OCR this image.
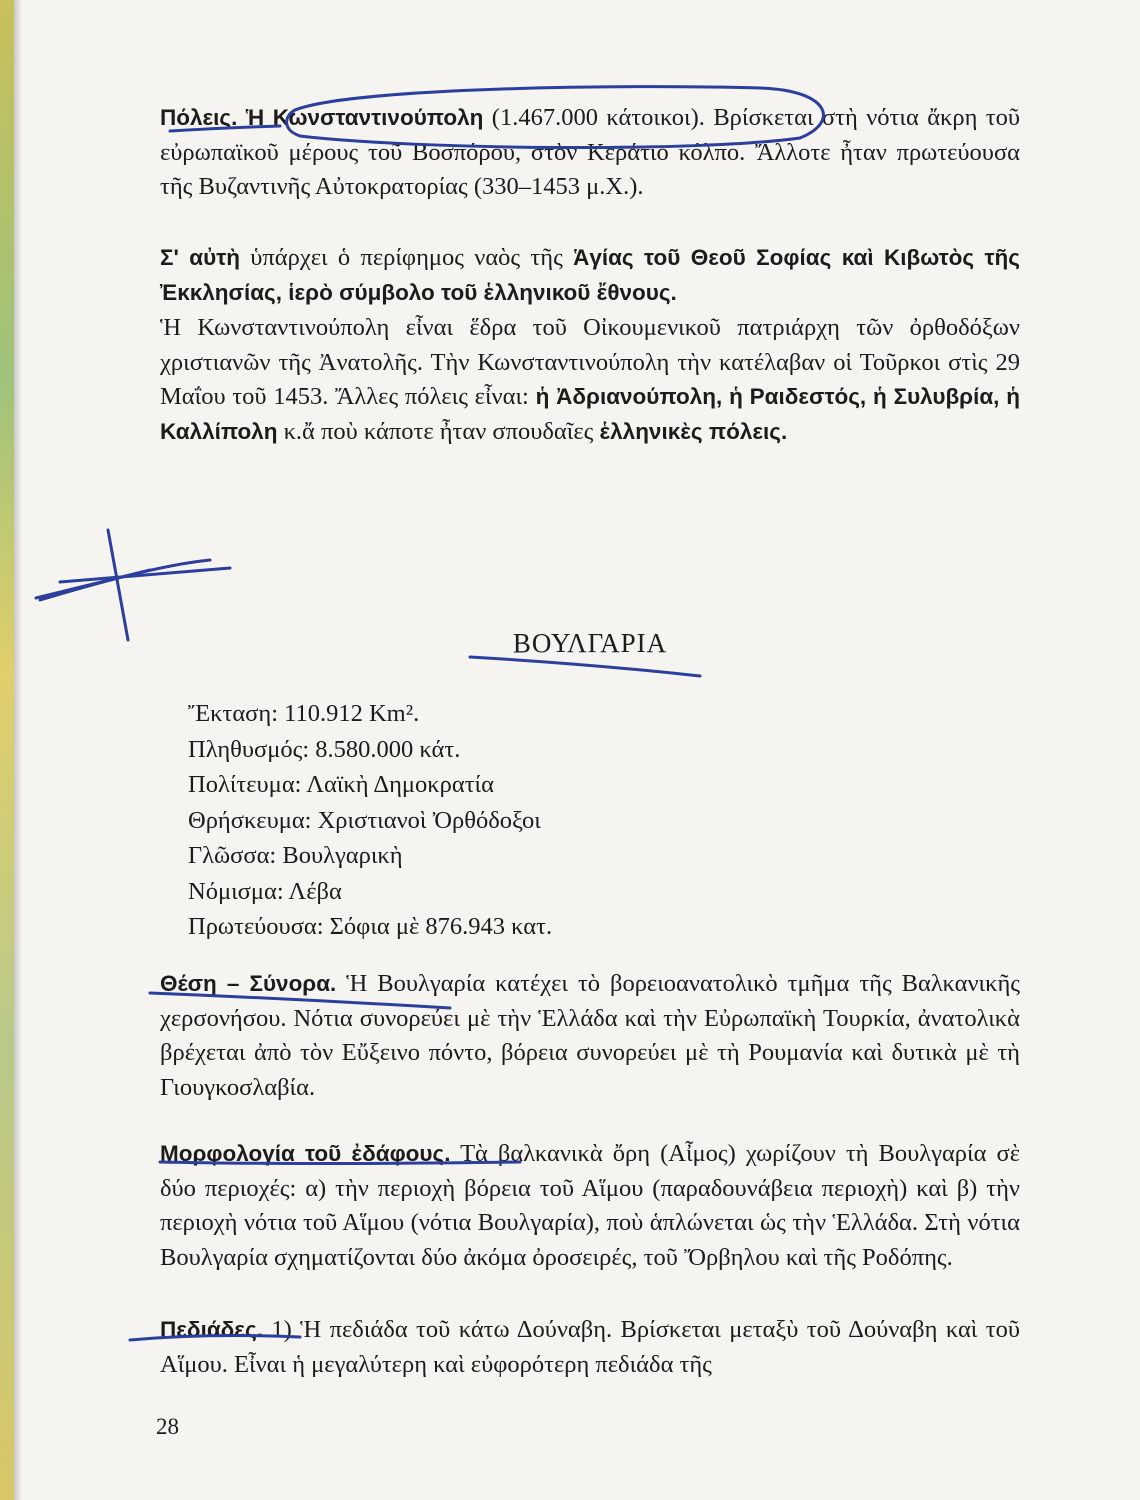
Πόλεις. Ἡ Κωνσταντινούπολη (1.467.000 κάτοικοι). Βρίσκεται στὴ νότια ἄκρη τοῦ εὐρωπαϊκοῦ μέρους τοῦ Βοσπόρου, στὸν Κεράτιο κόλπο. Ἄλλοτε ἦταν πρωτεύουσα τῆς Βυζαντινῆς Αὐτοκρατορίας (330–1453 μ.Χ.).

Σ' αὐτὴ ὑπάρχει ὁ περίφημος ναὸς τῆς Ἁγίας τοῦ Θεοῦ Σοφίας καὶ Κιβωτὸς τῆς Ἐκκλησίας, ἱερὸ σύμβολο τοῦ ἑλληνικοῦ ἔθνους.

Ἡ Κωνσταντινούπολη εἶναι ἕδρα τοῦ Οἰκουμενικοῦ πατριάρχη τῶν ὀρθοδόξων χριστιανῶν τῆς Ἀνατολῆς. Τὴν Κωνσταντινούπολη τὴν κατέλαβαν οἱ Τοῦρκοι στὶς 29 Μαΐου τοῦ 1453. Ἄλλες πόλεις εἶναι: ἡ Ἀδριανούπολη, ἡ Ραιδεστός, ἡ Συλυβρία, ἡ Καλλίπολη κ.ἄ ποὺ κάποτε ἦταν σπουδαῖες ἑλληνικὲς πόλεις.

ΒΟΥΛΓΑΡΙΑ
Ἔκταση: 110.912 Km².
Πληθυσμός: 8.580.000 κάτ.
Πολίτευμα: Λαϊκὴ Δημοκρατία
Θρήσκευμα: Χριστιανοὶ Ὀρθόδοξοι
Γλῶσσα: Βουλγαρικὴ
Νόμισμα: Λέβα
Πρωτεύουσα: Σόφια μὲ 876.943 κατ.

Θέση – Σύνορα. Ἡ Βουλγαρία κατέχει τὸ βορειοανατολικὸ τμῆμα τῆς Βαλκανικῆς χερσονήσου. Νότια συνορεύει μὲ τὴν Ἑλλάδα καὶ τὴν Εὐρωπαϊκὴ Τουρκία, ἀνατολικὰ βρέχεται ἀπὸ τὸν Εὔξεινο πόντο, βόρεια συνορεύει μὲ τὴ Ρουμανία καὶ δυτικὰ μὲ τὴ Γιουγκοσλαβία.

Μορφολογία τοῦ ἐδάφους. Τὰ βαλκανικὰ ὄρη (Αἶμος) χωρίζουν τὴ Βουλγαρία σὲ δύο περιοχές: α) τὴν περιοχὴ βόρεια τοῦ Αἵμου (παραδουνάβεια περιοχὴ) καὶ β) τὴν περιοχὴ νότια τοῦ Αἵμου (νότια Βουλγαρία), ποὺ ἁπλώνεται ὡς τὴν Ἑλλάδα. Στὴ νότια Βουλγαρία σχηματίζονται δύο ἀκόμα ὀροσειρές, τοῦ Ὄρβηλου καὶ τῆς Ροδόπης.

Πεδιάδες. 1) Ἡ πεδιάδα τοῦ κάτω Δούναβη. Βρίσκεται μεταξὺ τοῦ Δούναβη καὶ τοῦ Αἵμου. Εἶναι ἡ μεγαλύτερη καὶ εὐφορότερη πεδιάδα τῆς

28
